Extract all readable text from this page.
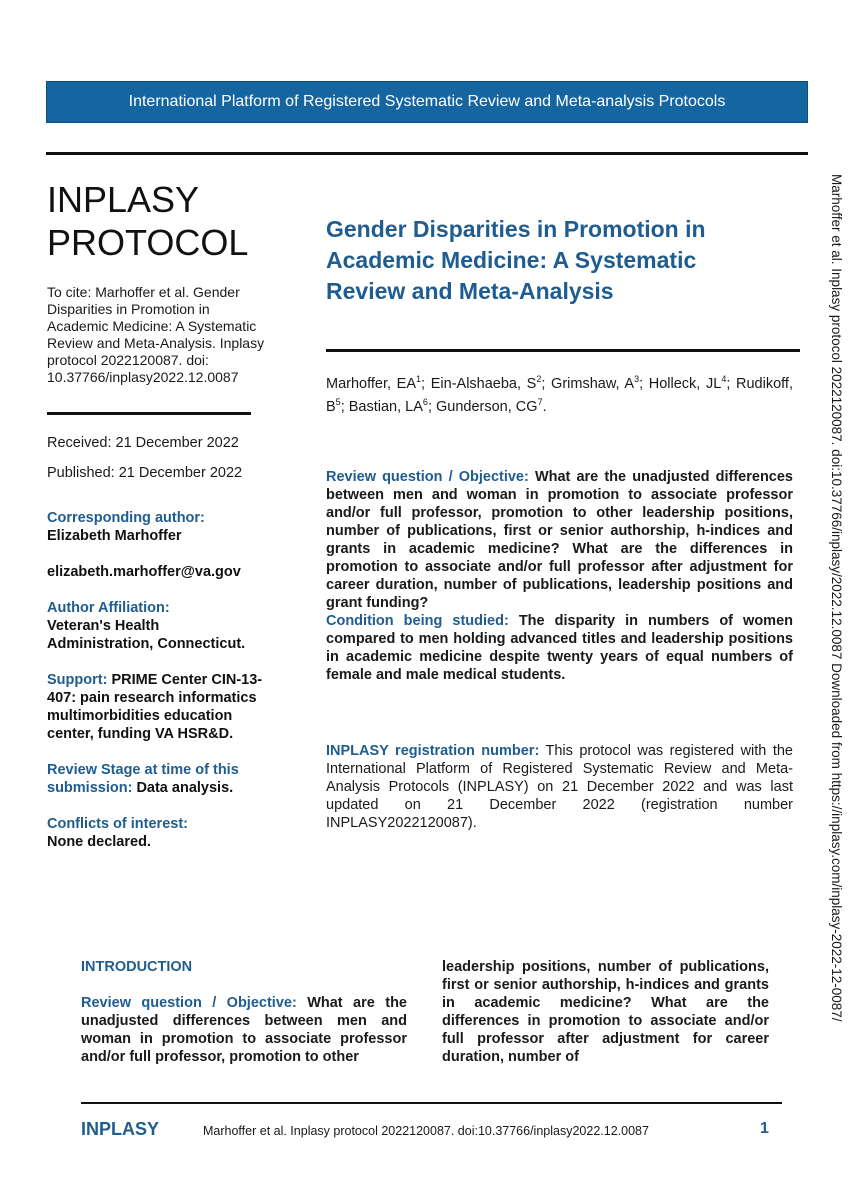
International Platform of Registered Systematic Review and Meta-analysis Protocols
Marhoffer et al. Inplasy protocol 2022120087. doi:10.37766/inplasy/2022.12.0087 Downloaded from https://inplasy.com/inplasy-2022-12-0087/
INPLASY
PROTOCOL
To cite: Marhoffer et al. Gender Disparities in Promotion in Academic Medicine: A Systematic Review and Meta-Analysis. Inplasy protocol 2022120087. doi: 10.37766/inplasy2022.12.0087
Received: 21 December 2022
Published: 21 December 2022
Corresponding author:
Elizabeth Marhoffer
elizabeth.marhoffer@va.gov
Author Affiliation:
Veteran's Health Administration, Connecticut.
Support: PRIME Center CIN-13-407: pain research informatics multimorbidities education center, funding VA HSR&D.
Review Stage at time of this submission: Data analysis.
Conflicts of interest:
None declared.
Gender Disparities in Promotion in Academic Medicine: A Systematic Review and Meta-Analysis
Marhoffer, $EA^1$; Ein-Alshaeba, $S^2$; Grimshaw, $A^3$; Holleck, $JL^4$; Rudikoff, $B^5$; Bastian, $LA^6$; Gunderson, $CG^7$.
Review question / Objective: What are the unadjusted differences between men and woman in promotion to associate professor and/or full professor, promotion to other leadership positions, number of publications, first or senior authorship, h-indices and grants in academic medicine? What are the differences in promotion to associate and/or full professor after adjustment for career duration, number of publications, leadership positions and grant funding?
Condition being studied: The disparity in numbers of women compared to men holding advanced titles and leadership positions in academic medicine despite twenty years of equal numbers of female and male medical students.
INPLASY registration number: This protocol was registered with the International Platform of Registered Systematic Review and Meta-Analysis Protocols (INPLASY) on 21 December 2022 and was last updated on 21 December 2022 (registration number INPLASY2022120087).
INTRODUCTION
Review question / Objective: What are the unadjusted differences between men and woman in promotion to associate professor and/or full professor, promotion to other
leadership positions, number of publications, first or senior authorship, h-indices and grants in academic medicine? What are the differences in promotion to associate and/or full professor after adjustment for career duration, number of
INPLASY	Marhoffer et al. Inplasy protocol 2022120087. doi:10.37766/inplasy2022.12.0087	1
